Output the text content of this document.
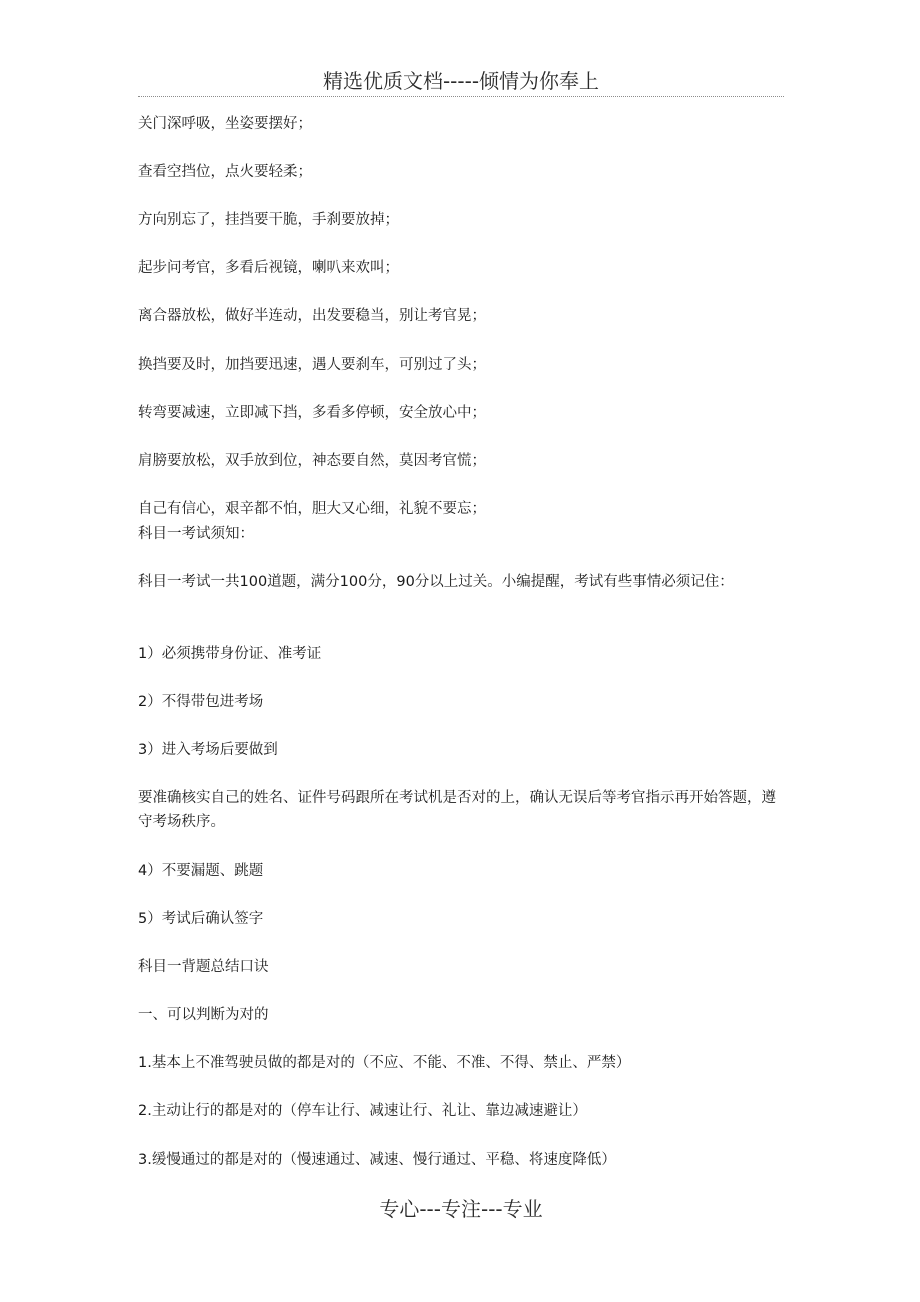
精选优质文档-----倾情为你奉上
关门深呼吸，坐姿要摆好；
查看空挡位，点火要轻柔；
方向别忘了，挂挡要干脆，手刹要放掉；
起步问考官，多看后视镜，喇叭来欢叫；
离合器放松，做好半连动，出发要稳当，别让考官晃；
换挡要及时，加挡要迅速，遇人要刹车，可别过了头；
转弯要减速，立即减下挡，多看多停顿，安全放心中；
肩膀要放松，双手放到位，神态要自然，莫因考官慌；
自己有信心，艰辛都不怕，胆大又心细，礼貌不要忘；
科目一考试须知：
科目一考试一共100道题，满分100分，90分以上过关。小编提醒，考试有些事情必须记住：
1）必须携带身份证、准考证
2）不得带包进考场
3）进入考场后要做到
要准确核实自己的姓名、证件号码跟所在考试机是否对的上，确认无误后等考官指示再开始答题，遵守考场秩序。
4）不要漏题、跳题
5）考试后确认签字
科目一背题总结口诀
一、可以判断为对的
1.基本上不准驾驶员做的都是对的（不应、不能、不准、不得、禁止、严禁）
2.主动让行的都是对的（停车让行、减速让行、礼让、靠边减速避让）
3.缓慢通过的都是对的（慢速通过、减速、慢行通过、平稳、将速度降低）
专心---专注---专业
